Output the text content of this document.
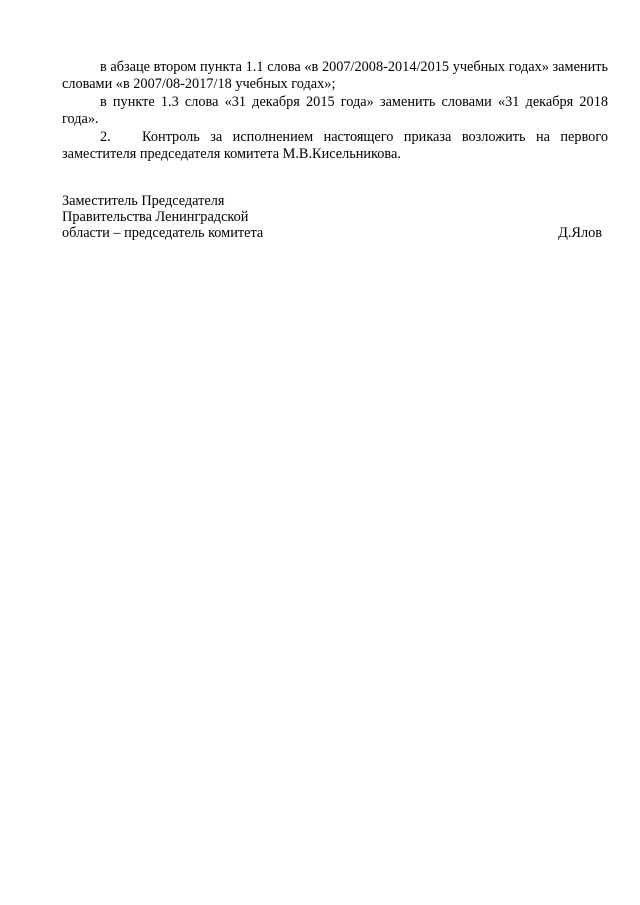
в абзаце втором пункта 1.1 слова «в 2007/2008-2014/2015 учебных годах» заменить словами «в 2007/08-2017/18 учебных годах»;

в пункте 1.3 слова «31 декабря 2015 года» заменить словами «31 декабря 2018 года».

2. Контроль за исполнением настоящего приказа возложить на первого заместителя председателя комитета М.В.Кисельникова.

Заместитель Председателя
Правительства Ленинградской
области – председатель комитета	Д.Ялов
